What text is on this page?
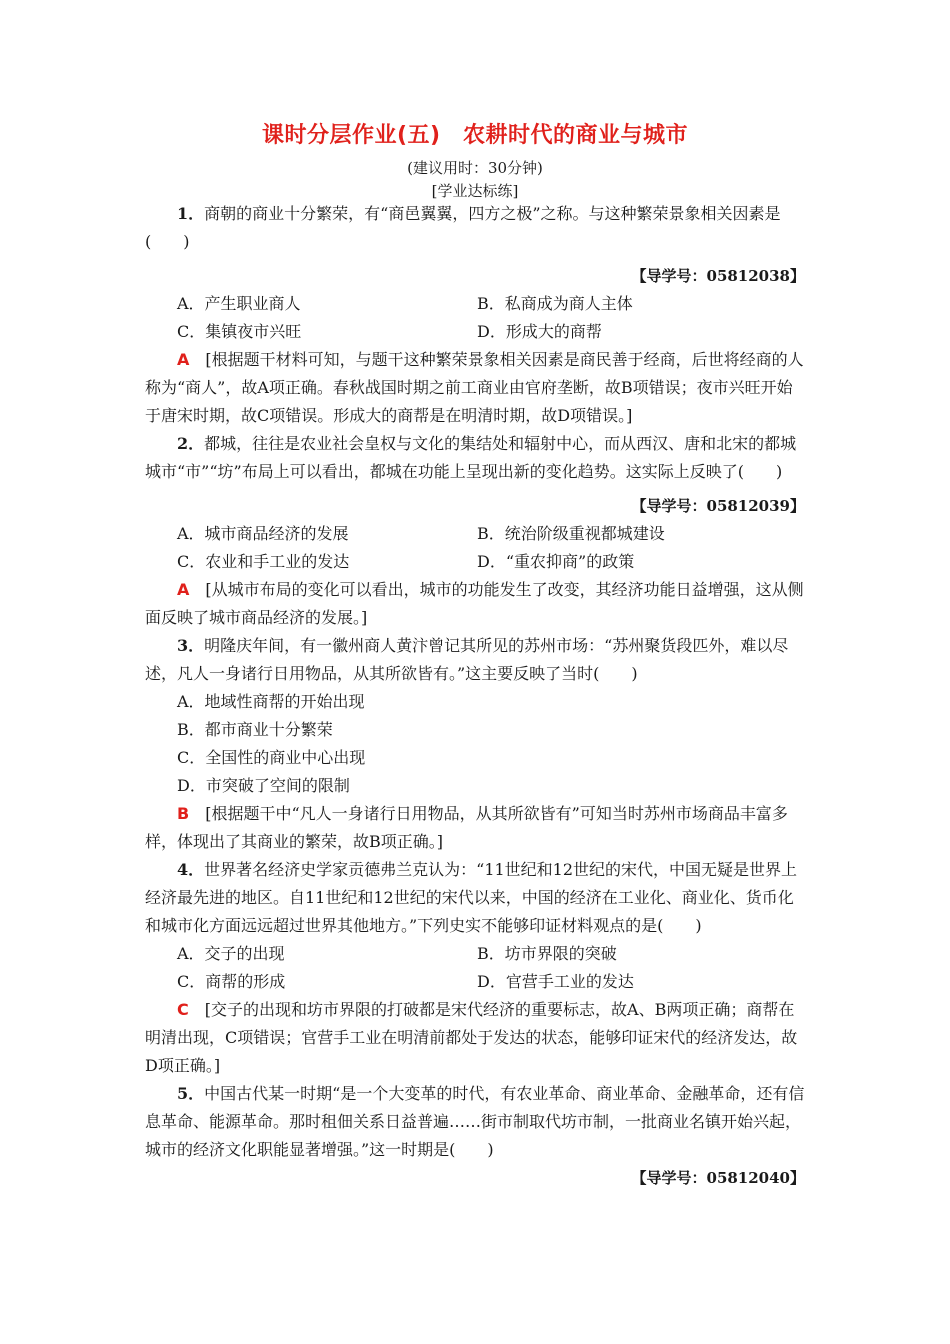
课时分层作业(五)　农耕时代的商业与城市
(建议用时：30分钟)
[学业达标练]

1．商朝的商业十分繁荣，有“商邑翼翼，四方之极”之称。与这种繁荣景象相关因素是(　　)

【导学号：05812038】

A．产生职业商人	B．私商成为商人主体
C．集镇夜市兴旺	D．形成大的商帮

A　 [根据题干材料可知，与题干这种繁荣景象相关因素是商民善于经商，后世将经商的人称为“商人”，故A项正确。春秋战国时期之前工商业由官府垄断，故B项错误；夜市兴旺开始于唐宋时期，故C项错误。形成大的商帮是在明清时期，故D项错误。]

2．都城，往往是农业社会皇权与文化的集结处和辐射中心，而从西汉、唐和北宋的都城城市“市”“坊”布局上可以看出，都城在功能上呈现出新的变化趋势。这实际上反映了(　　)

【导学号：05812039】

A．城市商品经济的发展	B．统治阶级重视都城建设
C．农业和手工业的发达	D．“重农抑商”的政策

A　 [从城市布局的变化可以看出，城市的功能发生了改变，其经济功能日益增强，这从侧面反映了城市商品经济的发展。]

3．明隆庆年间，有一徽州商人黄汴曾记其所见的苏州市场：“苏州聚货段匹外，难以尽述，凡人一身诸行日用物品，从其所欲皆有。”这主要反映了当时(　　)

A．地域性商帮的开始出现

B．都市商业十分繁荣

C．全国性的商业中心出现

D．市突破了空间的限制

B　 [根据题干中“凡人一身诸行日用物品，从其所欲皆有”可知当时苏州市场商品丰富多样，体现出了其商业的繁荣，故B项正确。]

4．世界著名经济史学家贡德弗兰克认为：“11世纪和12世纪的宋代，中国无疑是世界上经济最先进的地区。自11世纪和12世纪的宋代以来，中国的经济在工业化、商业化、货币化和城市化方面远远超过世界其他地方。”下列史实不能够印证材料观点的是(　　)

A．交子的出现	B．坊市界限的突破
C．商帮的形成	D．官营手工业的发达

C　 [交子的出现和坊市界限的打破都是宋代经济的重要标志，故A、B两项正确；商帮在明清出现，C项错误；官营手工业在明清前都处于发达的状态，能够印证宋代的经济发达，故D项正确。]

5．中国古代某一时期“是一个大变革的时代，有农业革命、商业革命、金融革命，还有信息革命、能源革命。那时租佃关系日益普遍……街市制取代坊市制，一批商业名镇开始兴起，城市的经济文化职能显著增强。”这一时期是(　　)

【导学号：05812040】
